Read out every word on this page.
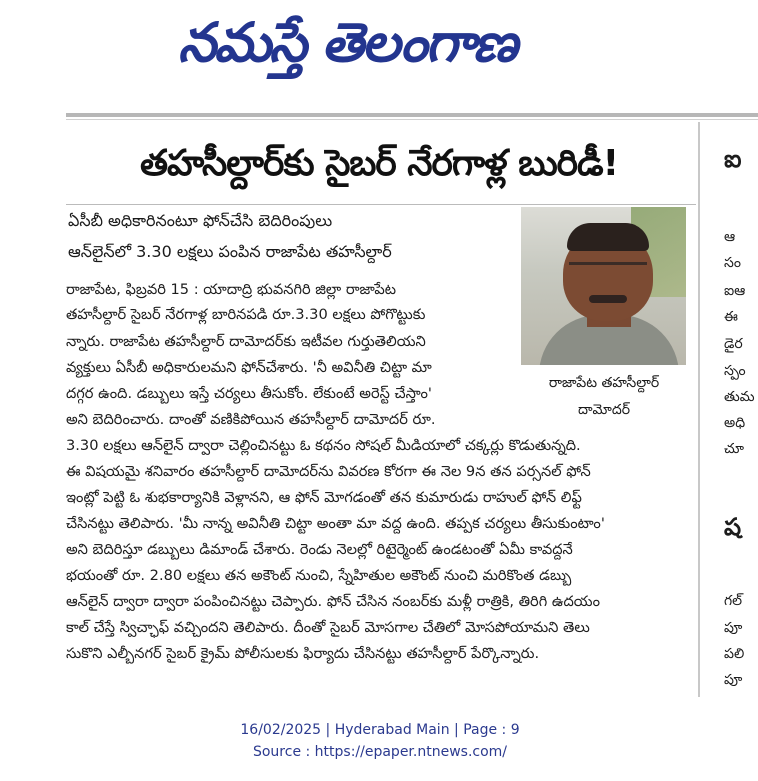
నమస్తే తెలంగాణ
తహసీల్దార్‌కు సైబర్ నేరగాళ్ల బురిడీ!
ఏసీబీ అధికారినంటూ ఫోన్‌చేసి బెదిరింపులు
ఆన్‌లైన్‌లో 3.30 లక్షలు పంపిన రాజాపేట తహసీల్దార్
రాజాపేట తహసీల్దార్
దామోదర్
రాజాపేట, ఫిబ్రవరి 15 : యాదాద్రి భువనగిరి జిల్లా రాజాపేట
తహసీల్దార్ సైబర్ నేరగాళ్ల బారినపడి రూ.3.30 లక్షలు పోగొట్టుకు
న్నారు. రాజాపేట తహసీల్దార్ దామోదర్‌కు ఇటీవల గుర్తుతెలియని
వ్యక్తులు ఏసీబీ అధికారులమని ఫోన్‌చేశారు. 'నీ అవినీతి చిట్టా మా
దగ్గర ఉంది. డబ్బులు ఇస్తే చర్యలు తీసుకోం. లేకుంటే అరెస్ట్ చేస్తాం'
అని బెదిరించారు. దాంతో వణికిపోయిన తహసీల్దార్ దామోదర్ రూ.
3.30 లక్షలు ఆన్‌లైన్ ద్వారా చెల్లించినట్టు ఓ కథనం సోషల్ మీడియాలో చక్కర్లు కొడుతున్నది.
ఈ విషయమై శనివారం తహసీల్దార్ దామోదర్‌ను వివరణ కోరగా ఈ నెల 9న తన పర్సనల్ ఫోన్
ఇంట్లో పెట్టి ఓ శుభకార్యానికి వెళ్లానని, ఆ ఫోన్ మోగడంతో తన కుమారుడు రాహుల్ ఫోన్ లిఫ్ట్
చేసినట్టు తెలిపారు. 'మీ నాన్న అవినీతి చిట్టా అంతా మా వద్ద ఉంది. తప్పక చర్యలు తీసుకుంటాం'
అని బెదిరిస్తూ డబ్బులు డిమాండ్ చేశారు. రెండు నెలల్లో రిటైర్మెంట్ ఉండటంతో ఏమీ కావద్దనే
భయంతో రూ. 2.80 లక్షలు తన అకౌంట్ నుంచి, స్నేహితుల అకౌంట్ నుంచి మరికొంత డబ్బు
ఆన్‌లైన్ ద్వారా ద్వారా పంపించినట్టు చెప్పారు. ఫోన్ చేసిన నంబర్‌కు మళ్లీ రాత్రికి, తిరిగి ఉదయం
కాల్ చేస్తే స్విచ్ఛాఫ్ వచ్చిందని తెలిపారు. దీంతో సైబర్ మోసగాల చేతిలో మోసపోయామని తెలు
సుకొని ఎల్బీనగర్ సైబర్ క్రైమ్ పోలీసులకు ఫిర్యాదు చేసినట్టు తహసీల్దార్ పేర్కొన్నారు.
ఐ
ఆ
సం
ఐఆ
ఈ
డైర
స్పం
తుమ
అధి
చూ
ష
గల్
పూ
పలి
పూ
16/02/2025 | Hyderabad Main | Page : 9
Source : https://epaper.ntnews.com/
